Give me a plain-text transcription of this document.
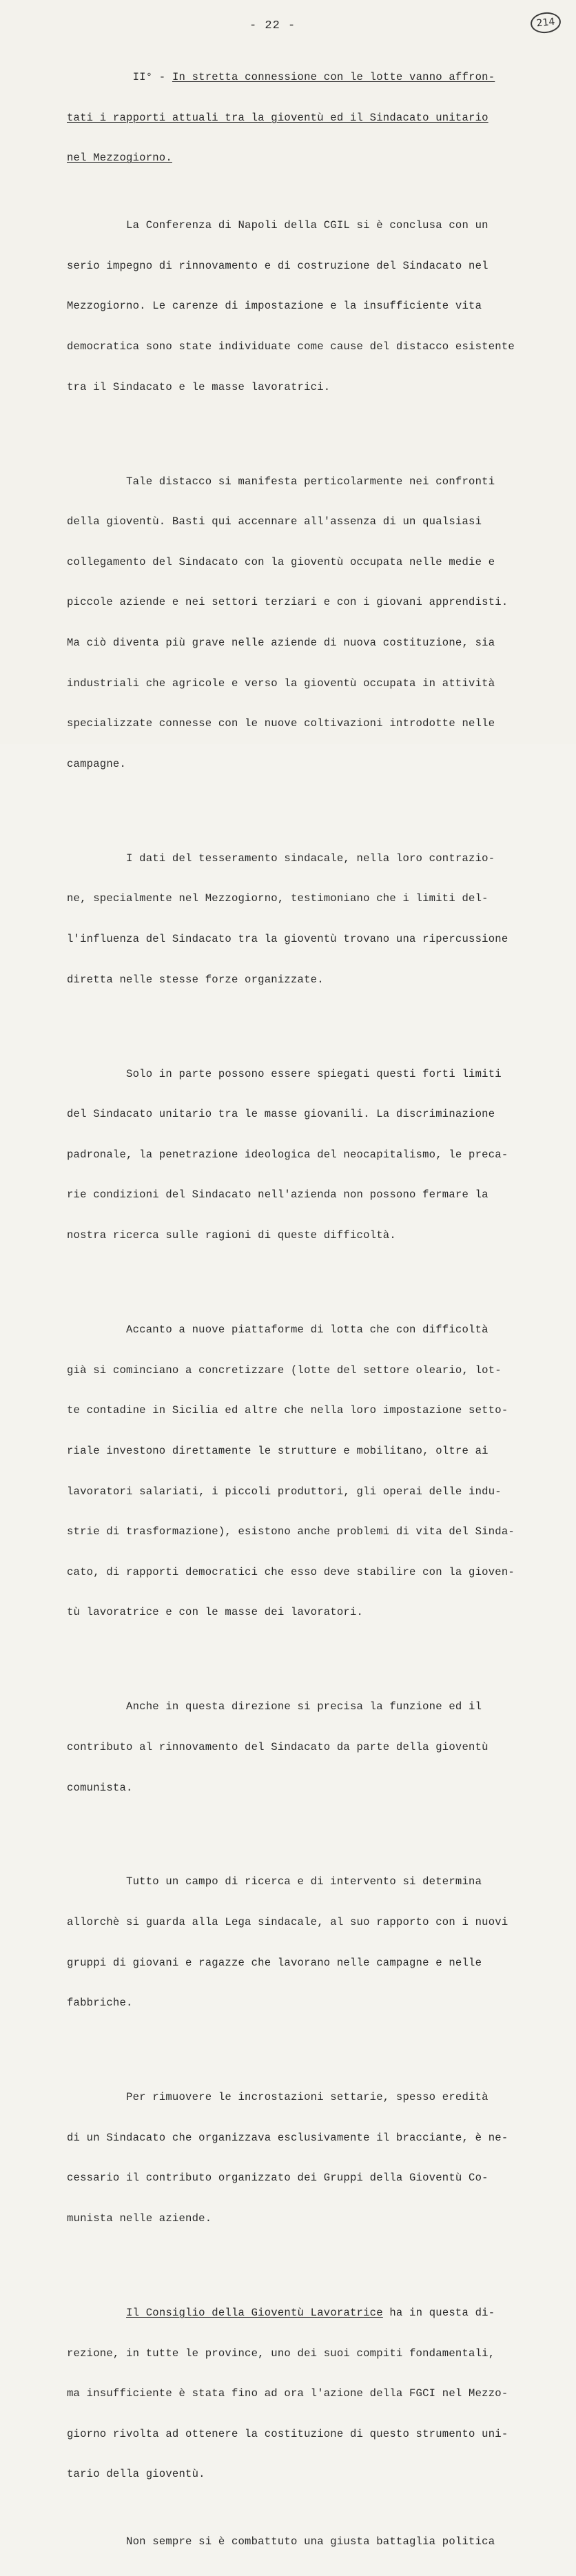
- 22 -	214

II° - In stretta connessione con le lotte vanno affron-

tati i rapporti attuali tra la gioventù ed il Sindacato unitario

nel Mezzogiorno.

La Conferenza di Napoli della CGIL si è conclusa con un

serio impegno di rinnovamento e di costruzione del Sindacato nel

Mezzogiorno. Le carenze di impostazione e la insufficiente vita

democratica sono state individuate come cause del distacco esistente

tra il Sindacato e le masse lavoratrici.

Tale distacco si manifesta perticolarmente nei confronti

della gioventù. Basti qui accennare all'assenza di un qualsiasi

collegamento del Sindacato con la gioventù occupata nelle medie e

piccole aziende e nei settori terziari e con i giovani apprendisti.

Ma ciò diventa più grave nelle aziende di nuova costituzione, sia

industriali che agricole e verso la gioventù occupata in attività

specializzate connesse con le nuove coltivazioni introdotte nelle

campagne.

I dati del tesseramento sindacale, nella loro contrazio-

ne, specialmente nel Mezzogiorno, testimoniano che i limiti del-

l'influenza del Sindacato tra la gioventù trovano una ripercussione

diretta nelle stesse forze organizzate.

Solo in parte possono essere spiegati questi forti limiti

del Sindacato unitario tra le masse giovanili. La discriminazione

padronale, la penetrazione ideologica del neocapitalismo, le preca-

rie condizioni del Sindacato nell'azienda non possono fermare la

nostra ricerca sulle ragioni di queste difficoltà.

Accanto a nuove piattaforme di lotta che con difficoltà

già si cominciano a concretizzare (lotte del settore oleario, lot-

te contadine in Sicilia ed altre che nella loro impostazione setto-

riale investono direttamente le strutture e mobilitano, oltre ai

lavoratori salariati, i piccoli produttori, gli operai delle indu-

strie di trasformazione), esistono anche problemi di vita del Sinda-

cato, di rapporti democratici che esso deve stabilire con la gioven-

tù lavoratrice e con le masse dei lavoratori.

Anche in questa direzione si precisa la funzione ed il

contributo al rinnovamento del Sindacato da parte della gioventù

comunista.

Tutto un campo di ricerca e di intervento si determina

allorchè si guarda alla Lega sindacale, al suo rapporto con i nuovi

gruppi di giovani e ragazze che lavorano nelle campagne e nelle

fabbriche.

Per rimuovere le incrostazioni settarie, spesso eredità

di un Sindacato che organizzava esclusivamente il bracciante, è ne-

cessario il contributo organizzato dei Gruppi della Gioventù Co-

munista nelle aziende.

Il Consiglio della Gioventù Lavoratrice ha in questa di-

rezione, in tutte le province, uno dei suoi compiti fondamentali,

ma insufficiente è stata fino ad ora l'azione della FGCI nel Mezzo-

giorno rivolta ad ottenere la costituzione di questo strumento uni-

tario della gioventù.

Non sempre si è combattuto una giusta battaglia politica
